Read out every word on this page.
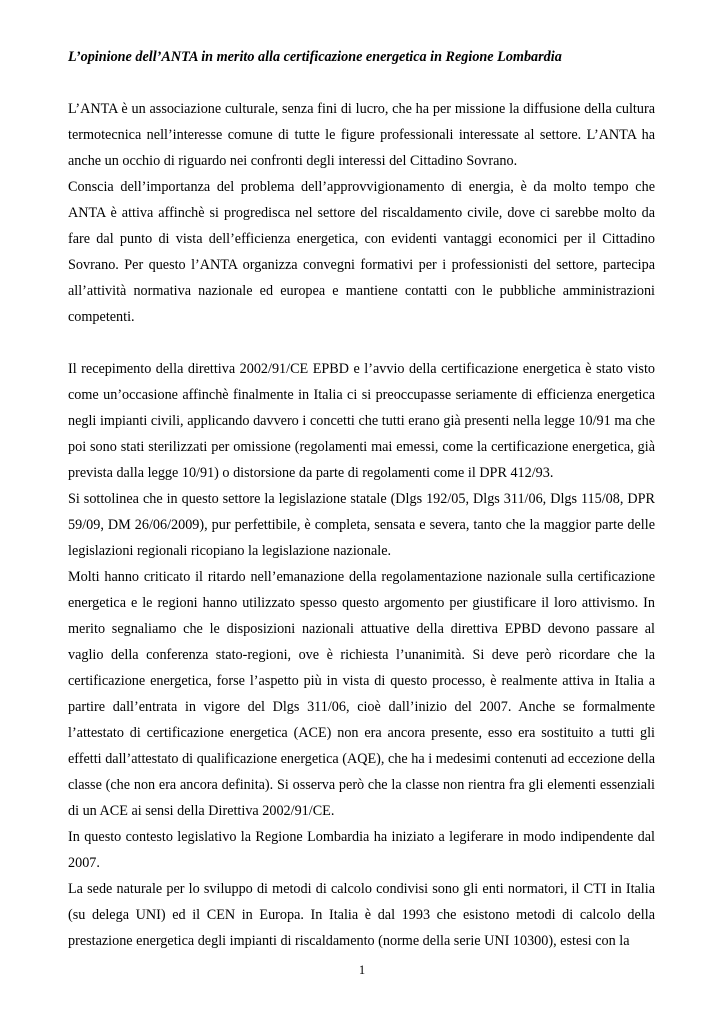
L’opinione dell’ANTA in merito alla certificazione energetica in Regione Lombardia

L’ANTA è un associazione culturale, senza fini di lucro, che ha per missione la diffusione della cultura termotecnica nell’interesse comune di tutte le figure professionali interessate al settore. L’ANTA ha anche un occhio di riguardo nei confronti degli interessi del Cittadino Sovrano.

Conscia dell’importanza del problema dell’approvvigionamento di energia, è da molto tempo che ANTA è attiva affinchè si progredisca nel settore del riscaldamento civile, dove ci sarebbe molto da fare dal punto di vista dell’efficienza energetica, con evidenti vantaggi economici per il Cittadino Sovrano. Per questo l’ANTA organizza convegni formativi per i professionisti del settore, partecipa all’attività normativa nazionale ed europea e mantiene contatti con le pubbliche amministrazioni competenti.

Il recepimento della direttiva 2002/91/CE EPBD e l’avvio della certificazione energetica è stato visto come un’occasione affinchè finalmente in Italia ci si preoccupasse seriamente di efficienza energetica negli impianti civili, applicando davvero i concetti che tutti erano già presenti nella legge 10/91 ma che poi sono stati sterilizzati per omissione (regolamenti mai emessi, come la certificazione energetica, già prevista dalla legge 10/91) o distorsione da parte di regolamenti come il DPR 412/93.

Si sottolinea che in questo settore la legislazione statale (Dlgs 192/05, Dlgs 311/06, Dlgs 115/08, DPR 59/09, DM 26/06/2009), pur perfettibile, è completa, sensata e severa, tanto che la maggior parte delle legislazioni regionali ricopiano la legislazione nazionale.

Molti hanno criticato il ritardo nell’emanazione della regolamentazione nazionale sulla certificazione energetica e le regioni hanno utilizzato spesso questo argomento per giustificare il loro attivismo. In merito segnaliamo che le disposizioni nazionali attuative della direttiva EPBD devono passare al vaglio della conferenza stato-regioni, ove è richiesta l’unanimità. Si deve però ricordare che la certificazione energetica, forse l’aspetto più in vista di questo processo, è realmente attiva in Italia a partire dall’entrata in vigore del Dlgs 311/06, cioè dall’inizio del 2007. Anche se formalmente l’attestato di certificazione energetica (ACE) non era ancora presente, esso era sostituito a tutti gli effetti dall’attestato di qualificazione energetica (AQE), che ha i medesimi contenuti ad eccezione della classe (che non era ancora definita). Si osserva però che la classe non rientra fra gli elementi essenziali di un ACE ai sensi della Direttiva 2002/91/CE.

In questo contesto legislativo la Regione Lombardia ha iniziato a legiferare in modo indipendente dal 2007.

La sede naturale per lo sviluppo di metodi di calcolo condivisi sono gli enti normatori, il CTI in Italia (su delega UNI) ed il CEN in Europa. In Italia è dal 1993 che esistono metodi di calcolo della prestazione energetica degli impianti di riscaldamento (norme della serie UNI 10300), estesi con la

1
